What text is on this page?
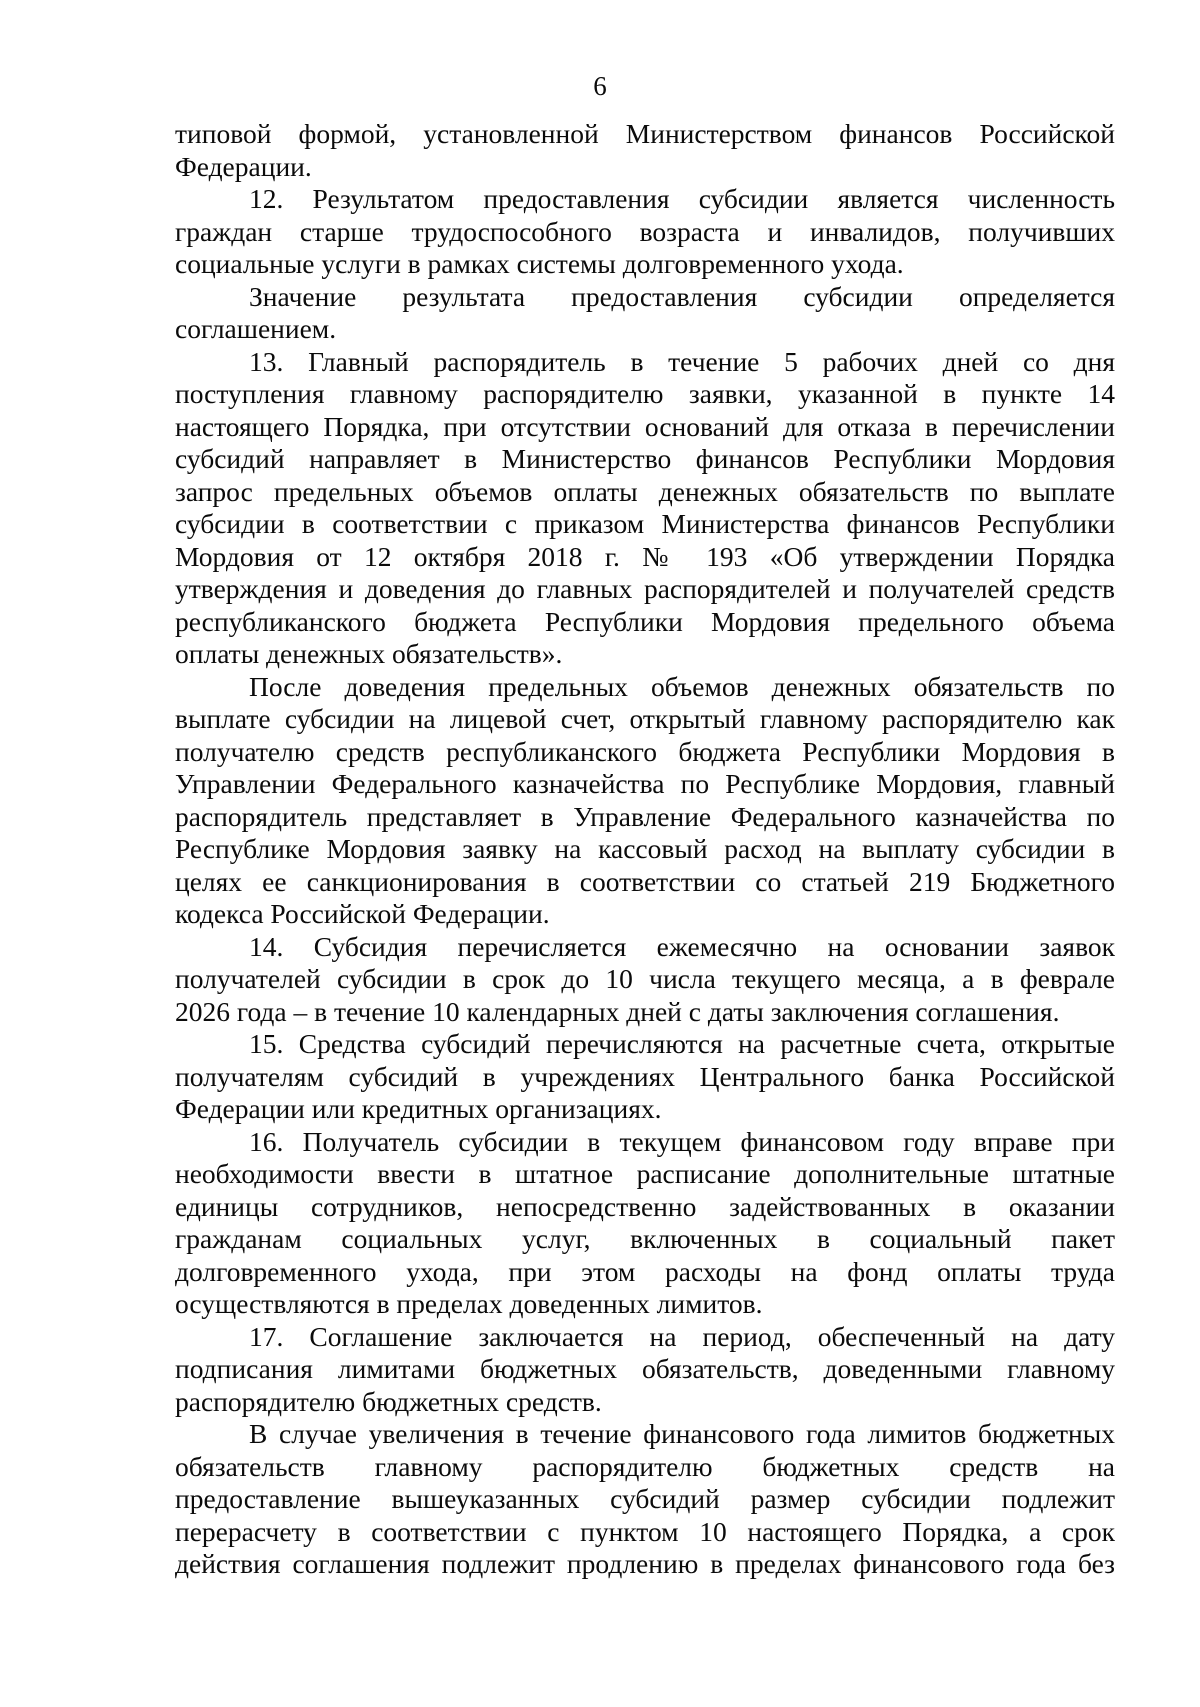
6
типовой формой, установленной Министерством финансов Российской
Федерации.
12. Результатом предоставления субсидии является численность
граждан старше трудоспособного возраста и инвалидов, получивших
социальные услуги в рамках системы долговременного ухода.
Значение результата предоставления субсидии определяется
соглашением.
13. Главный распорядитель в течение 5 рабочих дней со дня
поступления главному распорядителю заявки, указанной в пункте 14
настоящего Порядка, при отсутствии оснований для отказа в перечислении
субсидий направляет в Министерство финансов Республики Мордовия
запрос предельных объемов оплаты денежных обязательств по выплате
субсидии в соответствии с приказом Министерства финансов Республики
Мордовия от 12 октября 2018 г. № 193 «Об утверждении Порядка
утверждения и доведения до главных распорядителей и получателей средств
республиканского бюджета Республики Мордовия предельного объема
оплаты денежных обязательств».
После доведения предельных объемов денежных обязательств по
выплате субсидии на лицевой счет, открытый главному распорядителю как
получателю средств республиканского бюджета Республики Мордовия в
Управлении Федерального казначейства по Республике Мордовия, главный
распорядитель представляет в Управление Федерального казначейства по
Республике Мордовия заявку на кассовый расход на выплату субсидии в
целях ее санкционирования в соответствии со статьей 219 Бюджетного
кодекса Российской Федерации.
14. Субсидия перечисляется ежемесячно на основании заявок
получателей субсидии в срок до 10 числа текущего месяца, а в феврале
2026 года – в течение 10 календарных дней с даты заключения соглашения.
15. Средства субсидий перечисляются на расчетные счета, открытые
получателям субсидий в учреждениях Центрального банка Российской
Федерации или кредитных организациях.
16. Получатель субсидии в текущем финансовом году вправе при
необходимости ввести в штатное расписание дополнительные штатные
единицы сотрудников, непосредственно задействованных в оказании
гражданам социальных услуг, включенных в социальный пакет
долговременного ухода, при этом расходы на фонд оплаты труда
осуществляются в пределах доведенных лимитов.
17. Соглашение заключается на период, обеспеченный на дату
подписания лимитами бюджетных обязательств, доведенными главному
распорядителю бюджетных средств.
В случае увеличения в течение финансового года лимитов бюджетных
обязательств главному распорядителю бюджетных средств на
предоставление вышеуказанных субсидий размер субсидии подлежит
перерасчету в соответствии с пунктом 10 настоящего Порядка, а срок
действия соглашения подлежит продлению в пределах финансового года без
